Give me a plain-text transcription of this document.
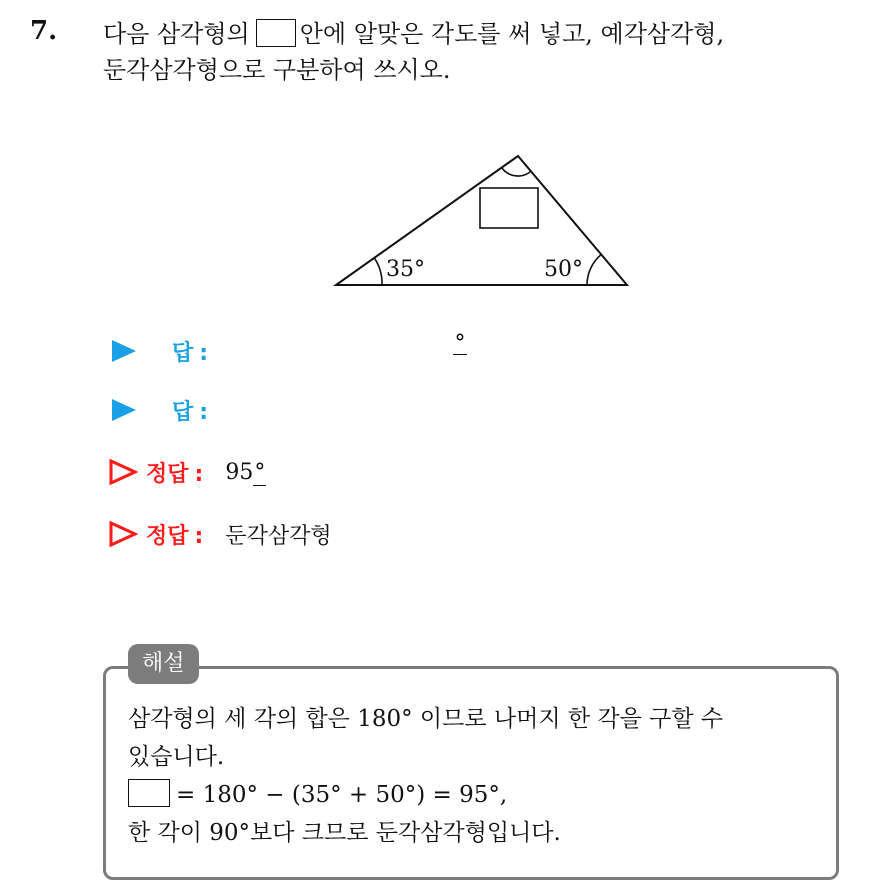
7. 다음 삼각형의 안에 알맞은 각도를 써 넣고, 예각삼각형,
둔각삼각형으로 구분하여 쓰시오.
35°	50°
답 :	°
답 :
정답 : 95°
정답 : 둔각삼각형
해설
삼각형의 세 각의 합은 180° 이므로 나머지 한 각을 구할 수
있습니다.
= 180° − (35° + 50°) = 95°,
한 각이 90°보다 크므로 둔각삼각형입니다.
